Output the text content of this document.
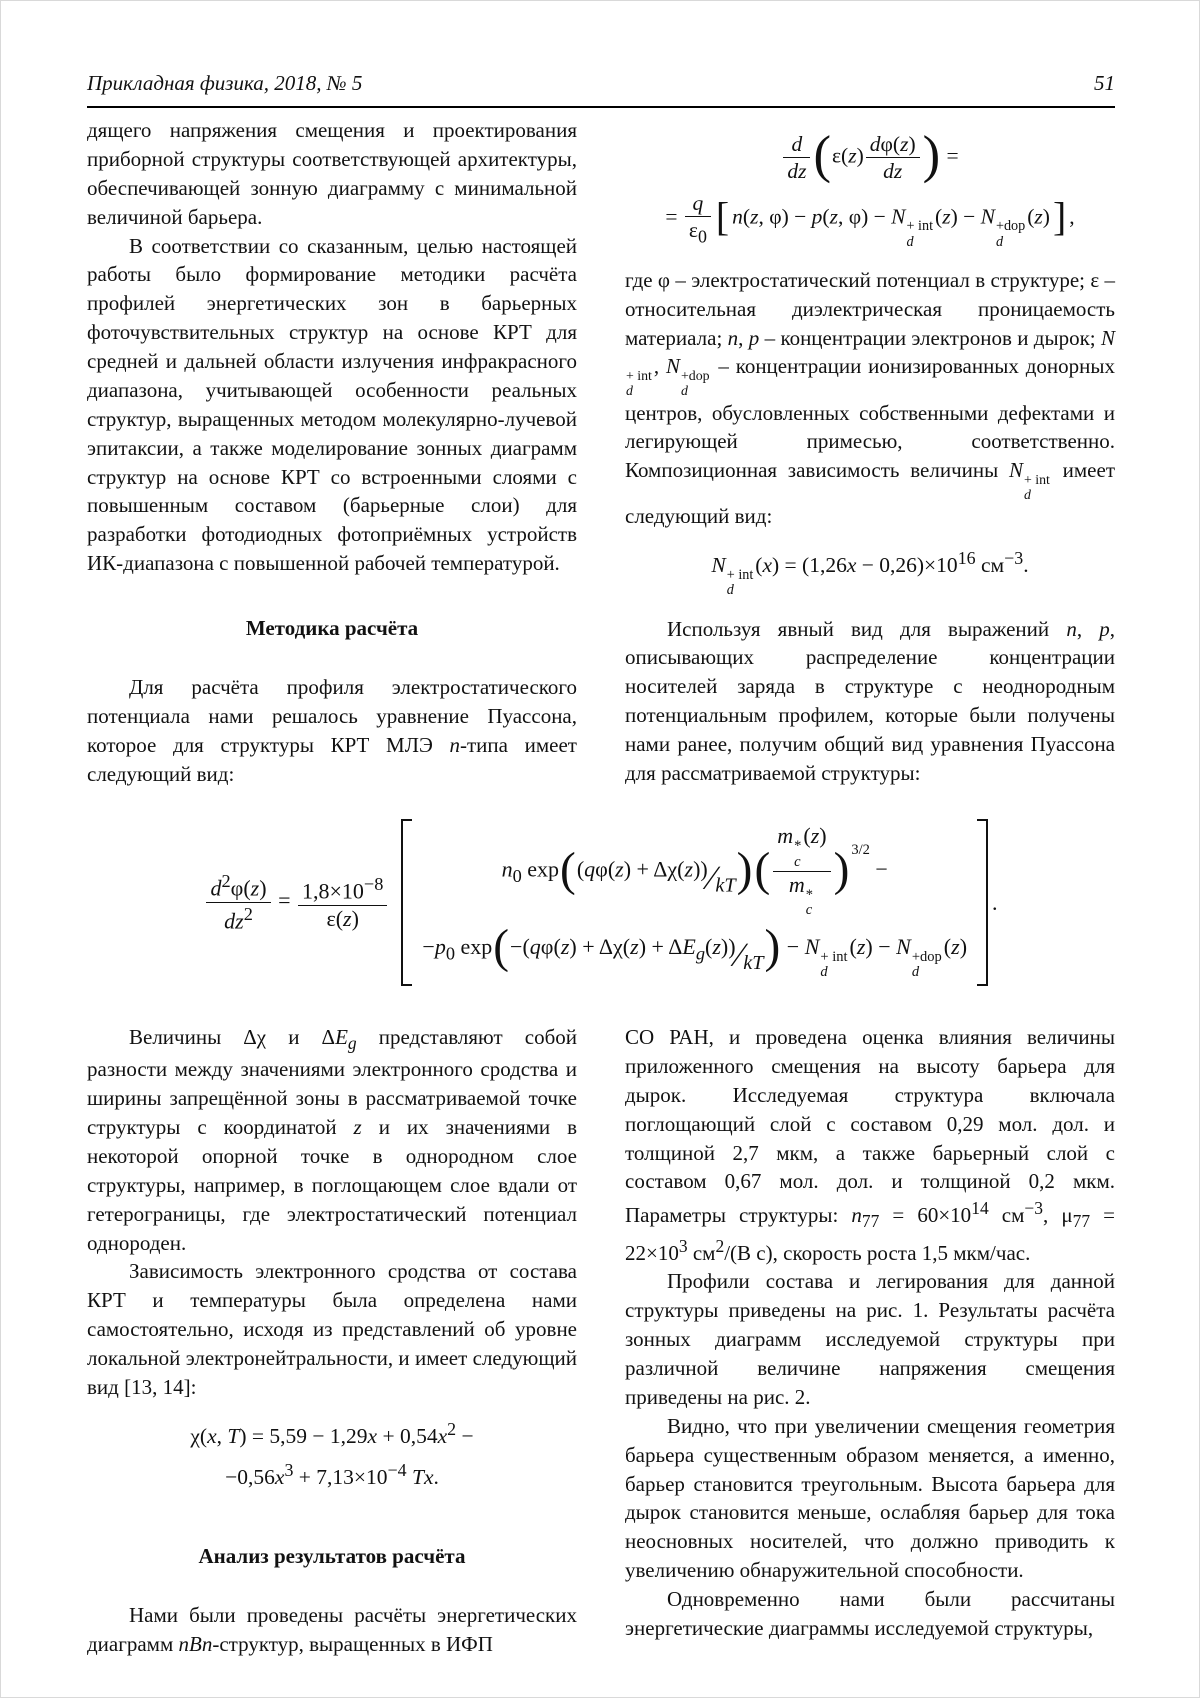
Прикладная физика, 2018, № 5	51

дящего напряжения смещения и проектирования приборной структуры соответствующей архитектуры, обеспечивающей зонную диаграмму с минимальной величиной барьера.

В соответствии со сказанным, целью настоящей работы было формирование методики расчёта профилей энергетических зон в барьерных фоточувствительных структур на основе КРТ для средней и дальней области излучения инфракрасного диапазона, учитывающей особенности реальных структур, выращенных методом молекулярно-лучевой эпитаксии, а также моделирование зонных диаграмм структур на основе КРТ со встроенными слоями с повышенным составом (барьерные слои) для разработки фотодиодных фотоприёмных устройств ИК-диапазона с повышенной рабочей температурой.

Методика расчёта

Для расчёта профиля электростатического потенциала нами решалось уравнение Пуассона, которое для структуры КРТ МЛЭ n-типа имеет следующий вид:

$\frac{d}{dz} (\varepsilon(z) \frac{d\varphi(z)}{dz}$ ) =
= $\frac{q}{\varepsilon_0}$ [ n(z, φ) − p(z, φ) − N + int
d
(z) − N +dop
d
(z)] ,

где φ – электростатический потенциал в структуре; ε – относительная диэлектрическая проницаемость материала; n, p – концентрации электронов и дырок; N
+ int
d
, N +dop
d
– концентрации ионизированных донорных центров, обусловленных собственными дефектами и легирующей примесью, соответственно. Композиционная зависимость величины N + int
d
имеет следующий вид:

N + int
d
$(x) = (1,26x - 0,26)\times 10^{16}$ $см^{-3}$.

Используя явный вид для выражений n, p, описывающих распределение концентрации носителей заряда в структуре с неоднородным потенциальным профилем, которые были получены нами ранее, получим общий вид уравнения Пуассона для рассматриваемой структуры:

$\frac{d^2\varphi(z)}{dz^2} = \frac{1,8\times 10^{-8}}{\varepsilon(z)}$
$n_0$ exp((qφ(z) + Δχ(z))∕kT)( m *
c
(z)
m *
c ) $^{3/2}$ −
$-p_0$ $\exp(-(q\varphi(z) + \Delta\chi(z) + \Delta E_g(z))∕kT) - N$ + int
d
(z) − N +dop
d
(z)
.

Величины Δχ и $\Delta E_g$ представляют собой разности между значениями электронного сродства и ширины запрещённой зоны в рассматриваемой точке структуры с координатой z и их значениями в некоторой опорной точке в однородном слое структуры, например, в поглощающем слое вдали от гетерограницы, где электростатический потенциал однороден.

Зависимость электронного сродства от состава КРТ и температуры была определена нами самостоятельно, исходя из представлений об уровне локальной электронейтральности, и имеет следующий вид [13, 14]:

χ(x, $T) = 5,59 - 1,29x + 0,54x^2$ −
$-0,56x^3 + 7,13\times 10^{-4}$ Tx.
Анализ результатов расчёта

Нами были проведены расчёты энергетических диаграмм nBn-структур, выращенных в ИФП

СО РАН, и проведена оценка влияния величины приложенного смещения на высоту барьера для дырок. Исследуемая структура включала поглощающий слой с составом 0,29 мол. дол. и толщиной 2,7 мкм, а также барьерный слой с составом 0,67 мол. дол. и толщиной 0,2 мкм. Параметры структуры: $n_{77} = 60\times 10^{14}$ $см^{-3}$, $\mu_{77} = 22\times 10^3$ $см^2/(В$ с), скорость роста 1,5 мкм/час.

Профили состава и легирования для данной структуры приведены на рис. 1. Результаты расчёта зонных диаграмм исследуемой структуры при различной величине напряжения смещения приведены на рис. 2.

Видно, что при увеличении смещения геометрия барьера существенным образом меняется, а именно, барьер становится треугольным. Высота барьера для дырок становится меньше, ослабляя барьер для тока неосновных носителей, что должно приводить к увеличению обнаружительной способности.

Одновременно нами были рассчитаны энергетические диаграммы исследуемой структуры,
